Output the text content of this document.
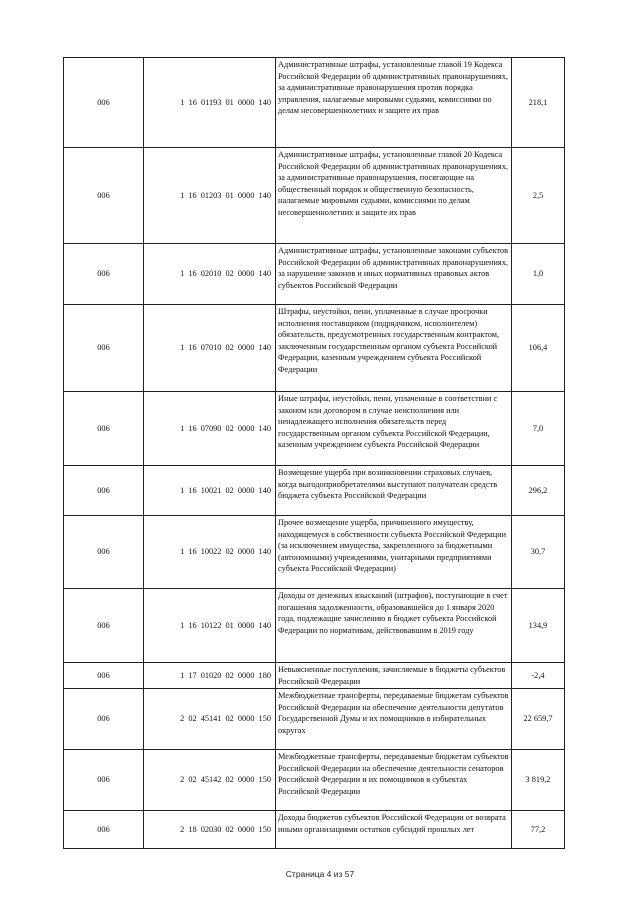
006	1 16 01193 01 0000 140	Административные штрафы, установленные главой 19 Кодекса Российской Федерации об административных правонарушениях, за административные правонарушения против порядка управления, налагаемые мировыми судьями, комиссиями по делам несовершеннолетних и защите их прав	218,1
006	1 16 01203 01 0000 140	Административные штрафы, установленные главой 20 Кодекса Российской Федерации об административных правонарушениях, за административные правонарушения, посягающие на общественный порядок и общественную безопасность, налагаемые мировыми судьями, комиссиями по делам несовершеннолетних и защите их прав	2,5
006	1 16 02010 02 0000 140	Административные штрафы, установленные законами субъектов Российской Федерации об административных правонарушениях, за нарушение законов и иных нормативных правовых актов субъектов Российской Федерации	1,0
006	1 16 07010 02 0000 140	Штрафы, неустойки, пени, уплаченные в случае просрочки исполнения поставщиком (подрядчиком, исполнителем) обязательств, предусмотренных государственным контрактом, заключенным государственным органом субъекта Российской Федерации, казенным учреждением субъекта Российской Федерации	106,4
006	1 16 07090 02 0000 140	Иные штрафы, неустойки, пени, уплаченные в соответствии с законом или договором в случае неисполнения или ненадлежащего исполнения обязательств перед государственным органом субъекта Российской Федерации, казенным учреждением субъекта Российской Федерации	7,0
006	1 16 10021 02 0000 140	Возмещение ущерба при возникновении страховых случаев, когда выгодоприобретателями выступают получатели средств бюджета субъекта Российской Федерации	296,2
006	1 16 10022 02 0000 140	Прочее возмещение ущерба, причиненного имуществу, находящемуся в собственности субъекта Российской Федерации (за исключением имущества, закрепленного за бюджетными (автономными) учреждениями, унитарными предприятиями субъекта Российской Федерации)	30,7
006	1 16 10122 01 0000 140	Доходы от денежных взысканий (штрафов), поступающие в счет погашения задолженности, образовавшейся до 1 января 2020 года, подлежащие зачислению в бюджет субъекта Российской Федерации по нормативам, действовавшим в 2019 году	134,9
006	1 17 01020 02 0000 180	Невыясненные поступления, зачисляемые в бюджеты субъектов Российской Федерации	-2,4
006	2 02 45141 02 0000 150	Межбюджетные трансферты, передаваемые бюджетам субъектов Российской Федерации на обеспечение деятельности депутатов Государственной Думы и их помощников в избирательных округах	22 659,7
006	2 02 45142 02 0000 150	Межбюджетные трансферты, передаваемые бюджетам субъектов Российской Федерации на обеспечение деятельности сенаторов Российской Федерации и их помощников в субъектах Российской Федерации	3 819,2
006	2 18 02030 02 0000 150	Доходы бюджетов субъектов Российской Федерации от возврата иными организациями остатков субсидий прошлых лет	77,2
Страница 4 из 57
